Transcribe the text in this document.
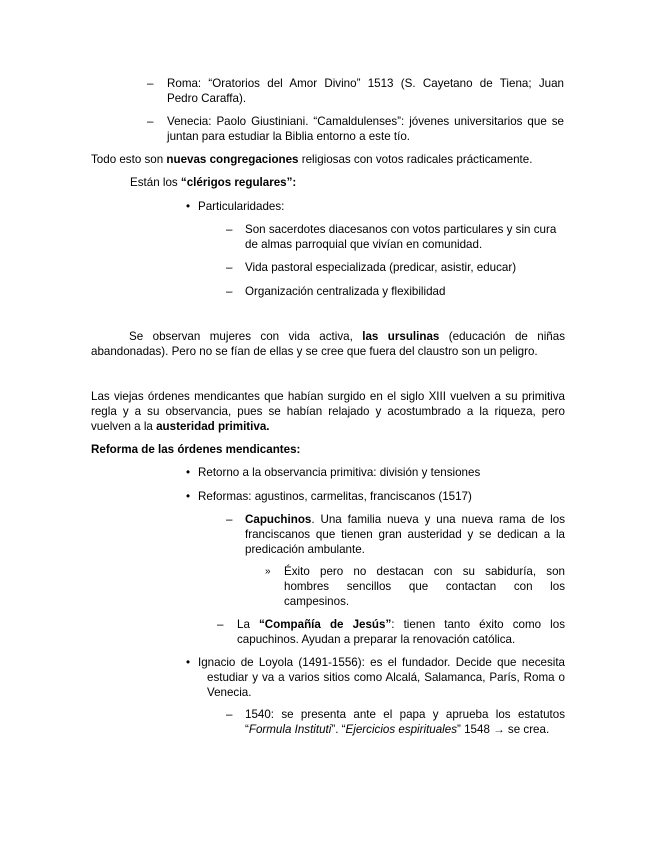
– Roma: “Oratorios del Amor Divino” 1513 (S. Cayetano de Tiena; Juan
Pedro Caraffa).
– Venecia: Paolo Giustiniani. “Camaldulenses”: jóvenes universitarios que se
juntan para estudiar la Biblia entorno a este tío.
Todo esto son nuevas congregaciones religiosas con votos radicales prácticamente.
Están los “clérigos regulares”:
• Particularidades:
– Son sacerdotes diacesanos con votos particulares y sin cura
de almas parroquial que vivían en comunidad.
– Vida pastoral especializada (predicar, asistir, educar)
– Organización centralizada y flexibilidad
Se observan mujeres con vida activa, las ursulinas (educación de niñas
abandonadas). Pero no se fían de ellas y se cree que fuera del claustro son un peligro.
Las viejas órdenes mendicantes que habían surgido en el siglo XIII vuelven a su primitiva
regla y a su observancia, pues se habían relajado y acostumbrado a la riqueza, pero
vuelven a la austeridad primitiva.
Reforma de las órdenes mendicantes:
• Retorno a la observancia primitiva: división y tensiones
• Reformas: agustinos, carmelitas, franciscanos (1517)
– Capuchinos. Una familia nueva y una nueva rama de los
franciscanos que tienen gran austeridad y se dedican a la
predicación ambulante.
» Éxito pero no destacan con su sabiduría, son
hombres sencillos que contactan con los
campesinos.
– La “Compañía de Jesús”: tienen tanto éxito como los
capuchinos. Ayudan a preparar la renovación católica.
• Ignacio de Loyola (1491-1556): es el fundador. Decide que necesita
estudiar y va a varios sitios como Alcalá, Salamanca, París, Roma o
Venecia.
– 1540: se presenta ante el papa y aprueba los estatutos
“Formula Instituti”. “Ejercicios espirituales” 1548 → se crea.
